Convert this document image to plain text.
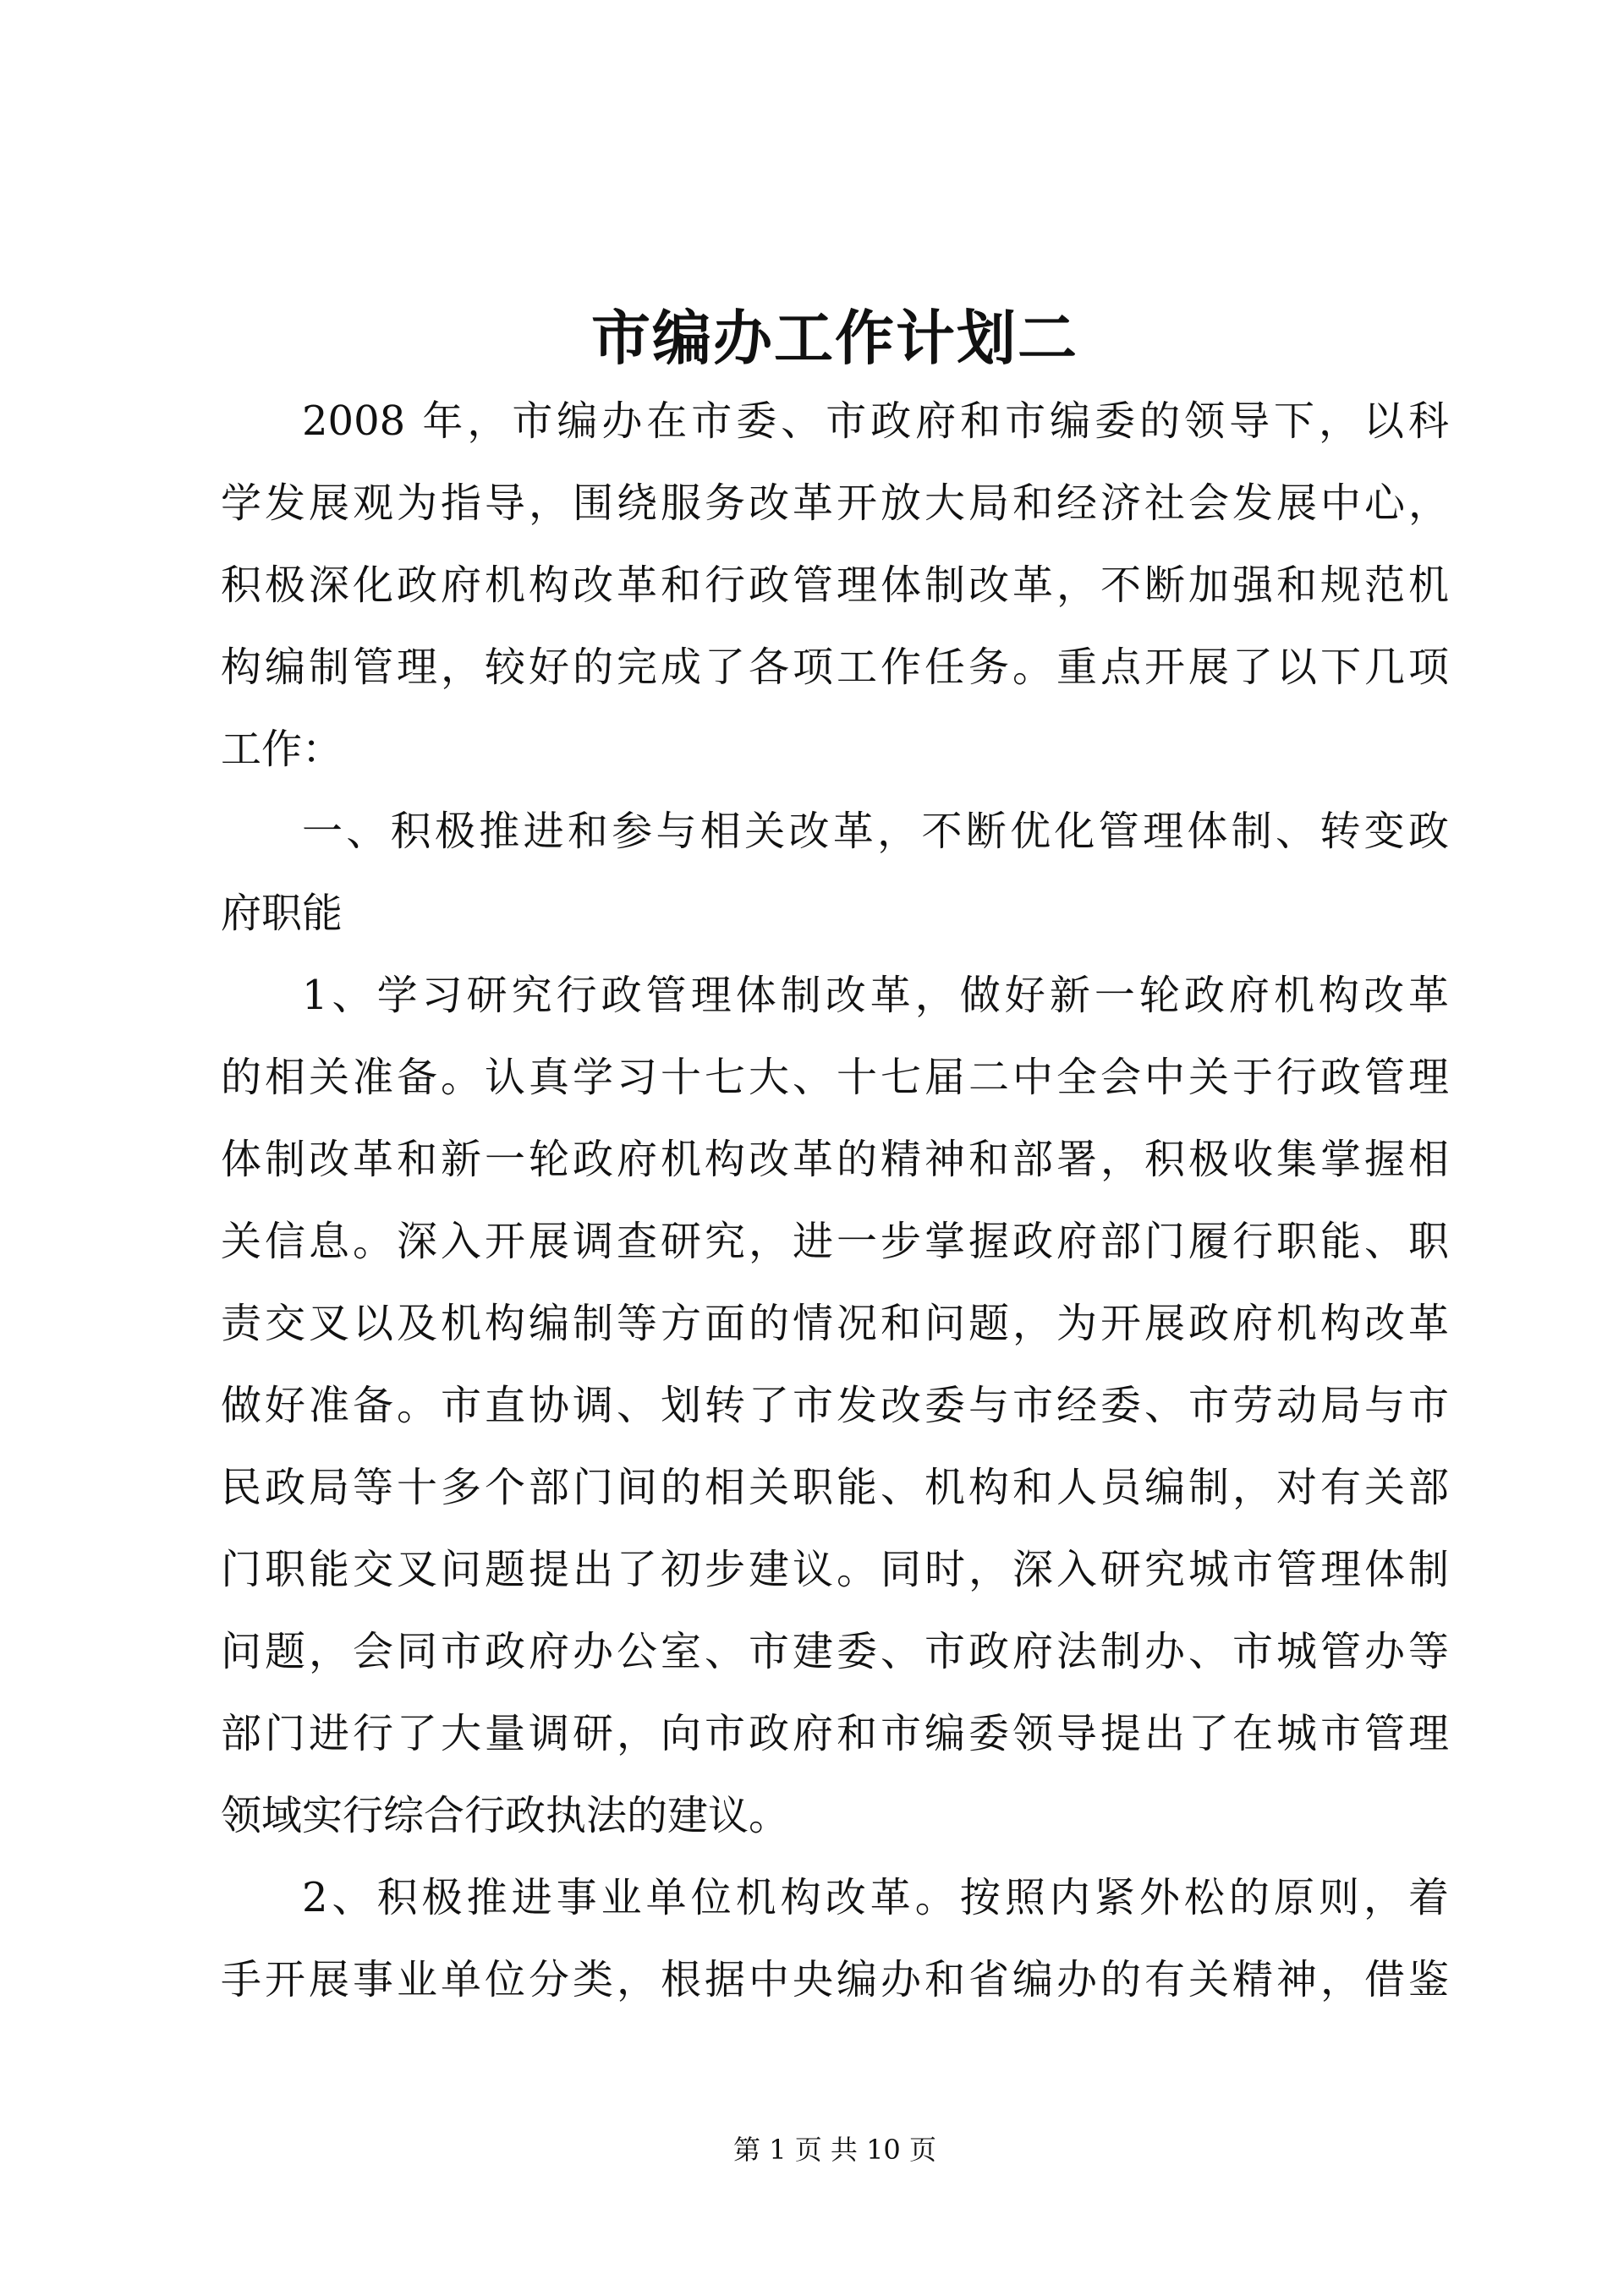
市编办工作计划二
2008 年，市编办在市委、市政府和市编委的领导下，以科
学发展观为指导，围绕服务改革开放大局和经济社会发展中心，
积极深化政府机构改革和行政管理体制改革，不断加强和规范机
构编制管理，较好的完成了各项工作任务。重点开展了以下几项
工作：
一、积极推进和参与相关改革，不断优化管理体制、转变政
府职能
1、学习研究行政管理体制改革，做好新一轮政府机构改革
的相关准备。认真学习十七大、十七届二中全会中关于行政管理
体制改革和新一轮政府机构改革的精神和部署，积极收集掌握相
关信息。深入开展调查研究，进一步掌握政府部门履行职能、职
责交叉以及机构编制等方面的情况和问题，为开展政府机构改革
做好准备。市直协调、划转了市发改委与市经委、市劳动局与市
民政局等十多个部门间的相关职能、机构和人员编制，对有关部
门职能交叉问题提出了初步建议。同时，深入研究城市管理体制
问题，会同市政府办公室、市建委、市政府法制办、市城管办等
部门进行了大量调研，向市政府和市编委领导提出了在城市管理
领域实行综合行政执法的建议。
2、积极推进事业单位机构改革。按照内紧外松的原则，着
手开展事业单位分类，根据中央编办和省编办的有关精神，借鉴
第 1 页 共 10 页
